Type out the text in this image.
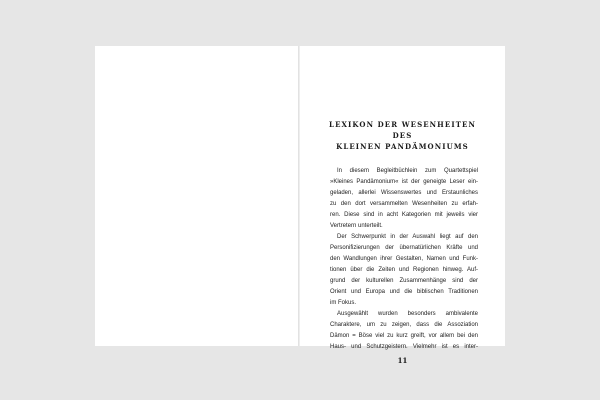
LEXIKON DER WESENHEITEN
DES
KLEINEN PANDÄMONIUMS
In diesem Begleitbüchlein zum Quartettspiel
»Kleines Pandämonium« ist der geneigte Leser ein-
geladen, allerlei Wissenswertes und Erstaunliches
zu den dort versammelten Wesenheiten zu erfah-
ren. Diese sind in acht Kategorien mit jeweils vier
Vertretern unterteilt.
Der Schwerpunkt in der Auswahl liegt auf den
Personifizierungen der übernatürlichen Kräfte und
den Wandlungen ihrer Gestalten, Namen und Funk-
tionen über die Zeiten und Regionen hinweg. Auf-
grund der kulturellen Zusammenhänge sind der
Orient und Europa und die biblischen Traditionen
im Fokus.
Ausgewählt wurden besonders ambivalente
Charaktere, um zu zeigen, dass die Assoziation
Dämon = Böse viel zu kurz greift, vor allem bei den
Haus- und Schutzgeistern. Vielmehr ist es inter-
11
